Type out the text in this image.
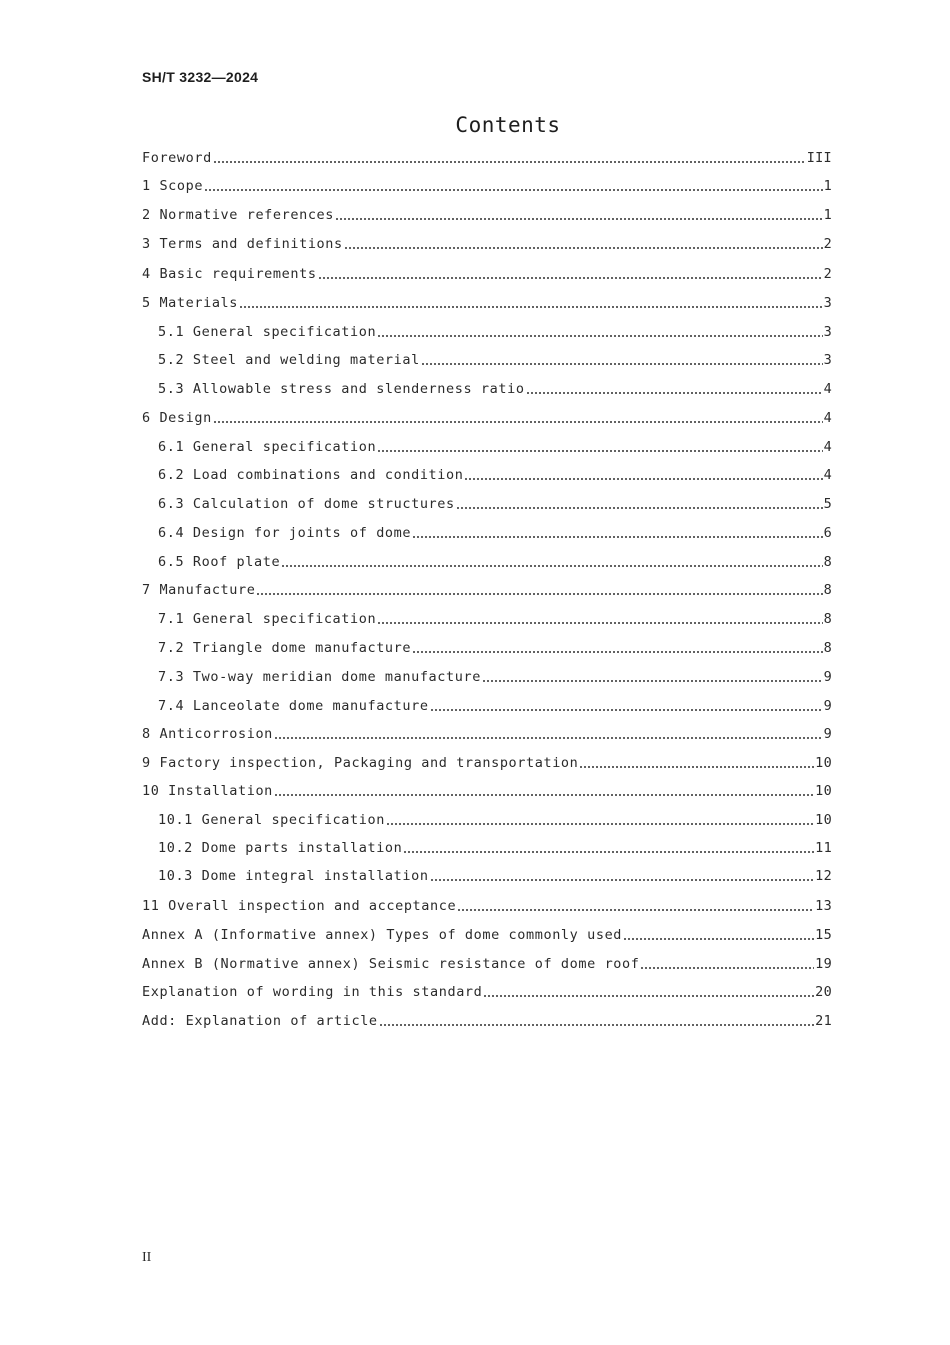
SH/T 3232—2024
Contents
Foreword	III
1 Scope	1
2 Normative references	1
3 Terms and definitions	2
4 Basic requirements	2
5 Materials	3
5.1 General specification	3
5.2 Steel and welding material	3
5.3 Allowable stress and slenderness ratio	4
6 Design	4
6.1 General specification	4
6.2 Load combinations and condition	4
6.3 Calculation of dome structures	5
6.4 Design for joints of dome	6
6.5 Roof plate	8
7 Manufacture	8
7.1 General specification	8
7.2 Triangle dome manufacture	8
7.3 Two-way meridian dome manufacture	9
7.4 Lanceolate dome manufacture	9
8 Anticorrosion	9
9 Factory inspection, Packaging and transportation	10
10 Installation	10
10.1 General specification	10
10.2 Dome parts installation	11
10.3 Dome integral installation	12
11 Overall inspection and acceptance	13
Annex A (Informative annex) Types of dome commonly used	15
Annex B (Normative annex) Seismic resistance of dome roof	19
Explanation of wording in this standard	20
Add: Explanation of article	21
II
